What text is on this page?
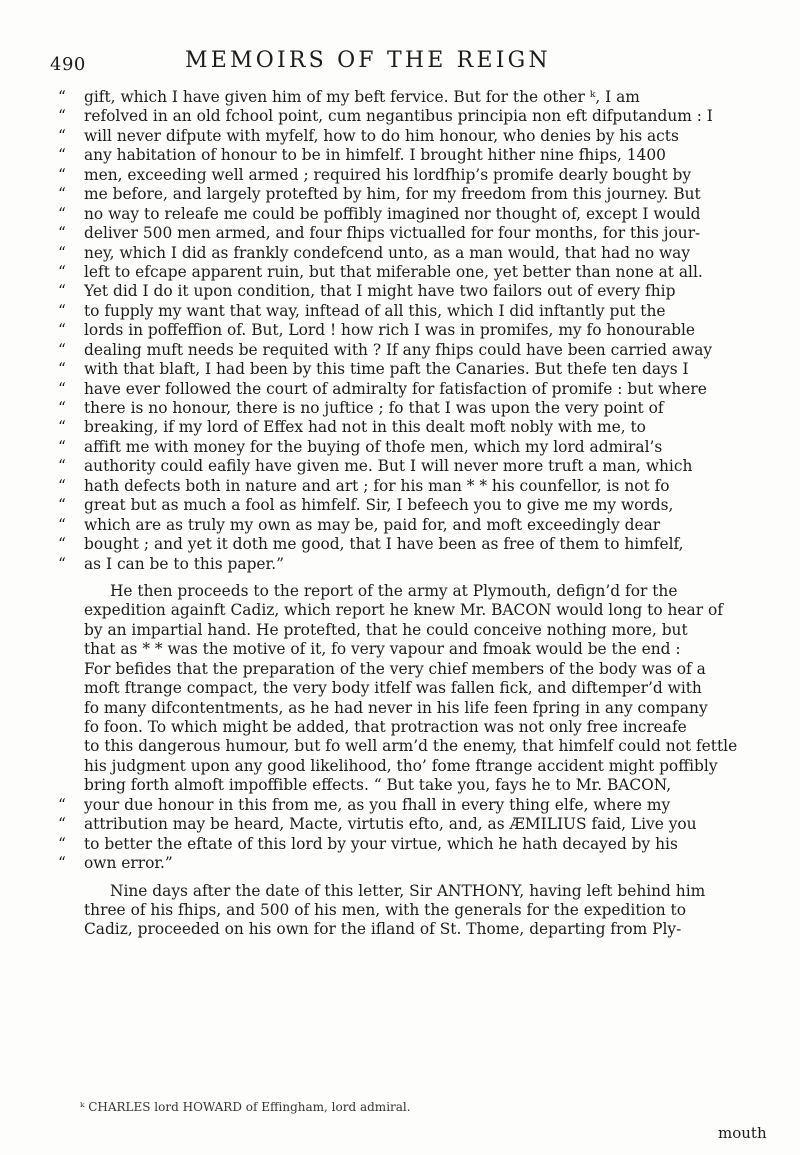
490	MEMOIRS OF THE REIGN
“ gift, which I have given him of my beft fervice. But for the other ᵏ, I am
“ refolved in an old fchool point, cum negantibus principia non eft difputandum : I
“ will never difpute with myfelf, how to do him honour, who denies by his acts
“ any habitation of honour to be in himfelf. I brought hither nine fhips, 1400
“ men, exceeding well armed ; required his lordfhip’s promife dearly bought by
“ me before, and largely protefted by him, for my freedom from this journey. But
“ no way to releafe me could be poffibly imagined nor thought of, except I would
“ deliver 500 men armed, and four fhips victualled for four months, for this jour-
“ ney, which I did as frankly condefcend unto, as a man would, that had no way
“ left to efcape apparent ruin, but that miferable one, yet better than none at all.
“ Yet did I do it upon condition, that I might have two failors out of every fhip
“ to fupply my want that way, inftead of all this, which I did inftantly put the
“ lords in poffeffion of. But, Lord ! how rich I was in promifes, my fo honourable
“ dealing muft needs be requited with ? If any fhips could have been carried away
“ with that blaft, I had been by this time paft the Canaries. But thefe ten days I
“ have ever followed the court of admiralty for fatisfaction of promife : but where
“ there is no honour, there is no juftice ; fo that I was upon the very point of
“ breaking, if my lord of Effex had not in this dealt moft nobly with me, to
“ affift me with money for the buying of thofe men, which my lord admiral’s
“ authority could eafily have given me. But I will never more truft a man, which
“ hath defects both in nature and art ; for his man * * his counfellor, is not fo
“ great but as much a fool as himfelf. Sir, I befeech you to give me my words,
“ which are as truly my own as may be, paid for, and moft exceedingly dear
“ bought ; and yet it doth me good, that I have been as free of them to himfelf,
“ as I can be to this paper.”
He then proceeds to the report of the army at Plymouth, defign’d for the
expedition againft Cadiz, which report he knew Mr. BACON would long to hear of
by an impartial hand. He protefted, that he could conceive nothing more, but
that as * * was the motive of it, fo very vapour and fmoak would be the end :
For befides that the preparation of the very chief members of the body was of a
moft ftrange compact, the very body itfelf was fallen fick, and diftemper’d with
fo many difcontentments, as he had never in his life feen fpring in any company
fo foon. To which might be added, that protraction was not only free increafe
to this dangerous humour, but fo well arm’d the enemy, that himfelf could not fettle
his judgment upon any good likelihood, tho’ fome ftrange accident might poffibly
bring forth almoft impoffible effects. “ But take you, fays he to Mr. BACON,
“ your due honour in this from me, as you fhall in every thing elfe, where my
“ attribution may be heard, Macte, virtutis efto, and, as ÆMILIUS faid, Live you
“ to better the eftate of this lord by your virtue, which he hath decayed by his
“ own error.”
Nine days after the date of this letter, Sir ANTHONY, having left behind him
three of his fhips, and 500 of his men, with the generals for the expedition to
Cadiz, proceeded on his own for the ifland of St. Thome, departing from Ply-
ᵏ CHARLES lord HOWARD of Effingham, lord admiral.
mouth
